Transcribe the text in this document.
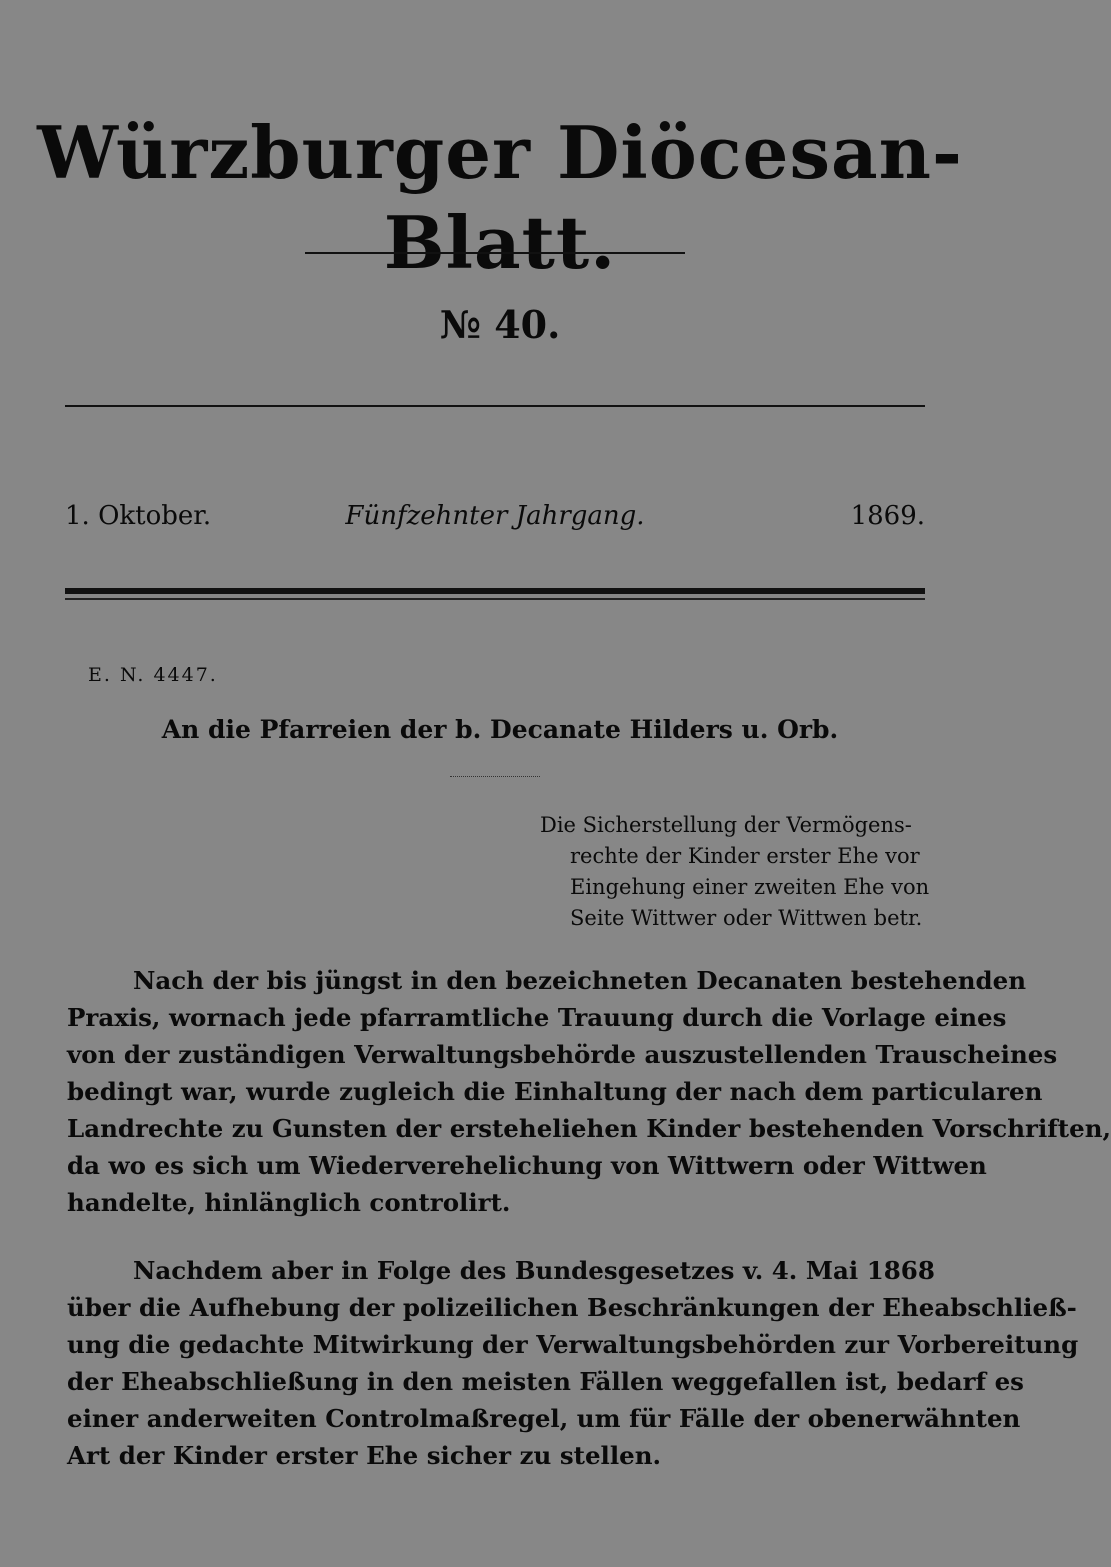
Würzburger Diöcesan-Blatt.
№ 40.
Fünfzehnter Jahrgang.
1. Oktober.	1869.
E. N. 4447.
An die Pfarreien der b. Decanate Hilders u. Orb.
Die Sicherstellung der Vermögens-
rechte der Kinder erster Ehe vor
Eingehung einer zweiten Ehe von
Seite Wittwer oder Wittwen betr.
Nach der bis jüngst in den bezeichneten Decanaten bestehenden
Praxis, wornach jede pfarramtliche Trauung durch die Vorlage eines
von der zuständigen Verwaltungsbehörde auszustellenden Trauscheines
bedingt war, wurde zugleich die Einhaltung der nach dem particularen
Landrechte zu Gunsten der ersteheliehen Kinder bestehenden Vorschriften,
da wo es sich um Wiederverehelichung von Wittwern oder Wittwen
handelte, hinlänglich controlirt.
Nachdem aber in Folge des Bundesgesetzes v. 4. Mai 1868
über die Aufhebung der polizeilichen Beschränkungen der Eheabschließ-
ung die gedachte Mitwirkung der Verwaltungsbehörden zur Vorbereitung
der Eheabschließung in den meisten Fällen weggefallen ist, bedarf es
einer anderweiten Controlmaßregel, um für Fälle der obenerwähnten
Art der Kinder erster Ehe sicher zu stellen.
